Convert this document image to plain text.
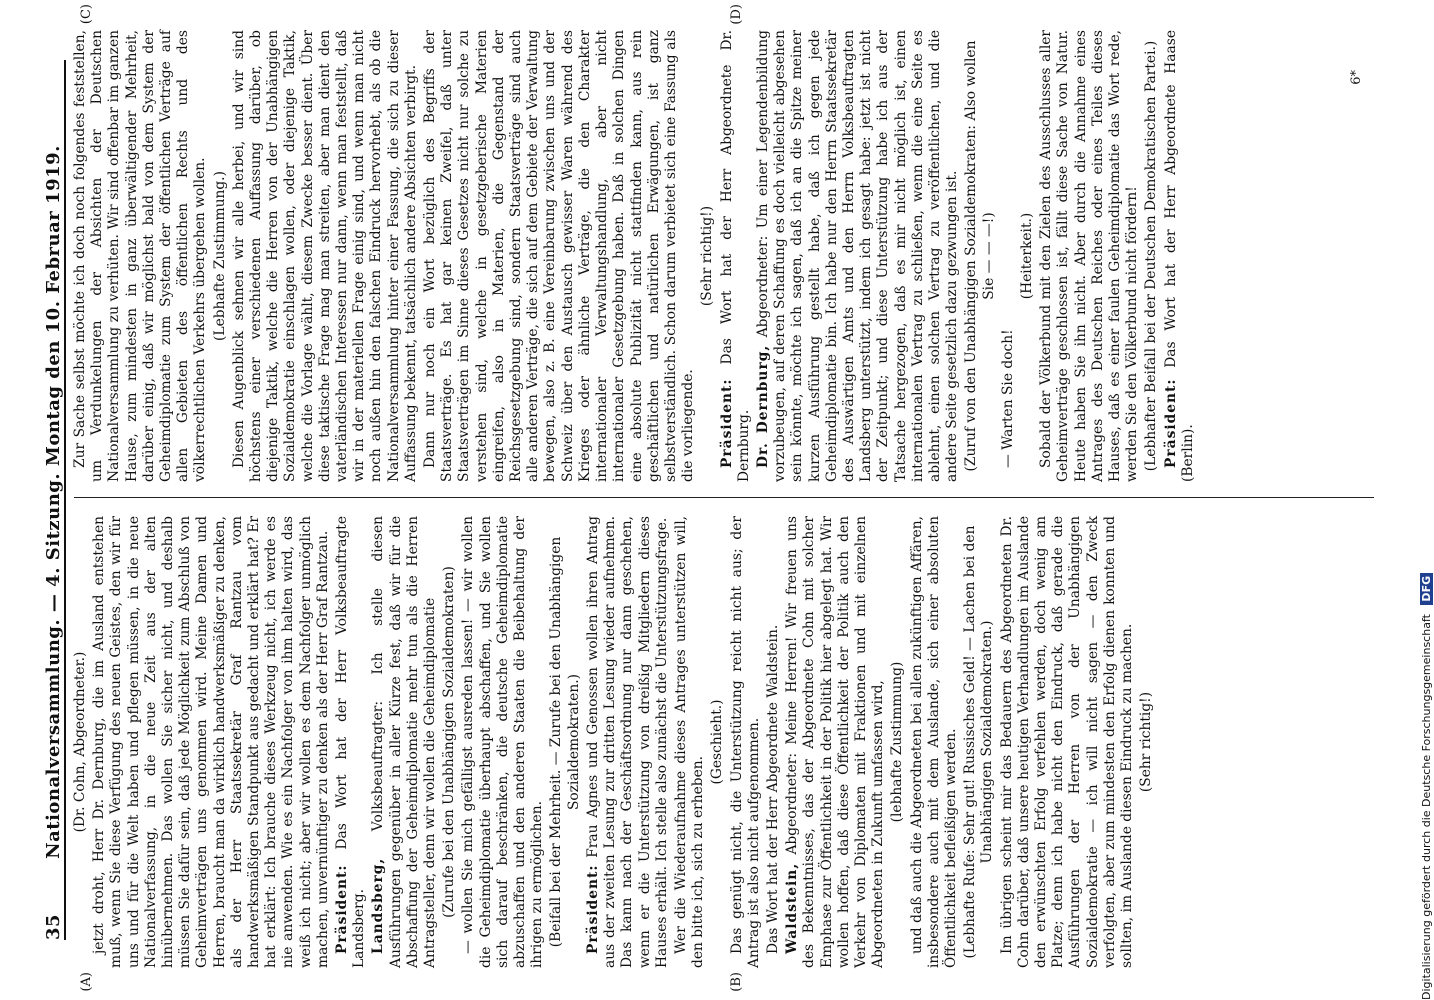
35
Nationalversammlung. — 4. Sitzung. Montag den 10. Februar 1919. Zur Sache selbst möchte ich doch noch folgendes feststellen, um Verdunkelungen der Absichten der Deutschen Nationalversammlung zu verhüten. Wir sind offenbar im ganzen Hause, zum mindesten in ganz überwältigender Mehrheit, darüber einig, daß wir möglichst bald von dem System der Geheimdiplomatie zum System der öffentlichen Verträge auf allen Gebieten des öffentlichen Rechts und des völkerrechtlichen Verkehrs übergehen wollen. (Lebhafte Zustimmung.) Diesen Augenblick sehnen wir alle herbei, und wir sind höchstens einer verschiedenen Auffassung darüber, ob diejenige Taktik, welche die Herren von der Unabhängigen Sozialdemokratie einschlagen wollen, oder diejenige Taktik, welche die Vorlage wählt, diesem Zwecke besser dient. Über diese taktische Frage mag man streiten, aber man dient den vaterländischen Interessen nur dann, wenn man feststellt, daß wir in der materiellen Frage einig sind, und wenn man nicht noch außen hin den falschen Eindruck hervorhebt, als ob die Nationalversammlung hinter einer Fassung, die sich zu dieser Auffassung bekennt, tatsächlich andere Absichten verbirgt. Dann nur noch ein Wort bezüglich des Begriffs der Staatsverträge. Es hat gar keinen Zweifel, daß unter Staatsverträgen im Sinne dieses Gesetzes nicht nur solche zu verstehen sind, welche in gesetzgeberische Materien eingreifen, also in Materien, die Gegenstand der Reichsgesetzgebung sind, sondern Staatsverträge sind auch alle anderen Verträge, die sich auf dem Gebiete der Verwaltung bewegen, also z. B. eine Vereinbarung zwischen uns und der Schweiz über den Austausch gewisser Waren während des Krieges oder ähnliche Verträge, die den Charakter internationaler Verwaltungshandlung, aber nicht internationaler Gesetzgebung haben. Daß in solchen Dingen eine absolute Publizität nicht stattfinden kann, aus rein geschäftlichen und natürlichen Erwägungen, ist ganz selbstverständlich. Schon darum verbietet sich eine Fassung als die vorliegende.

(Sehr richtig!)

Präsident: Das Wort hat der Herr Abgeordnete Dr. Dernburg. Dr. Dernburg, Abgeordneter: Um einer Legendenbildung vorzubeugen, auf deren Schaffung es doch vielleicht abgesehen sein könnte, möchte ich sagen, daß ich an die Spitze meiner kurzen Ausführung gestellt habe, daß ich gegen jede Geheimdiplomatie bin. Ich habe nur den Herrn Staatssekretär des Auswärtigen Amts und den Herrn Volksbeauftragten Landsberg unterstützt, indem ich gesagt habe: jetzt ist nicht der Zeitpunkt; und diese Unterstützung habe ich aus der Tatsache hergezogen, daß es mir nicht möglich ist, einen internationalen Vertrag zu schließen, wenn die eine Seite es ablehnt, einen solchen Vertrag zu veröffentlichen, und die andere Seite gesetzlich dazu gezwungen ist. (Zuruf von den Unabhängigen Sozialdemokraten: Also wollen Sie — — —!)

— Warten Sie doch!

(Heiterkeit.) Sobald der Völkerbund mit den Zielen des Ausschlusses aller Geheimverträge geschlossen ist, fällt diese Sache von Natur. Heute haben Sie ihn nicht. Aber durch die Annahme eines Antrages des Deutschen Reiches oder eines Teiles dieses Hauses, daß es einer faulen Geheimdiplomatie das Wort rede, werden Sie den Völkerbund nicht fördern! (Lebhafter Beifall bei der Deutschen Demokratischen Partei.) Präsident: Das Wort hat der Herr Abgeordnete Haase (Berlin).

(Dr. Cohn, Abgeordneter.) jetzt droht, Herr Dr. Dernburg, die im Ausland entstehen muß, wenn Sie diese Verfügung des neuen Geistes, den wir für uns und für die Welt haben und pflegen müssen, in die neue Nationalverfassung, in die neue Zeit aus der alten hinübernehmen. Das wollen Sie sicher nicht, und deshalb müssen Sie dafür sein, daß jede Möglichkeit zum Abschluß von Geheimverträgen uns genommen wird. Meine Damen und Herren, braucht man da wirklich handwerksmäßiger zu denken, als der Herr Staatssekretär Graf Rantzau vom handwerksmäßigen Standpunkt aus gedacht und erklärt hat? Er hat erklärt: Ich brauche dieses Werkzeug nicht, ich werde es nie anwenden. Wie es ein Nachfolger von ihm halten wird, das weiß ich nicht; aber wir wollen es dem Nachfolger unmöglich machen, unvernünftiger zu denken als der Herr Graf Rantzau. Präsident: Das Wort hat der Herr Volksbeauftragte Landsberg. Landsberg, Volksbeauftragter: Ich stelle diesen Ausführungen gegenüber in aller Kürze fest, daß wir für die Abschaffung der Geheimdiplomatie mehr tun als die Herren Antragsteller, denn wir wollen die Geheimdiplomatie (Zurufe bei den Unabhängigen Sozialdemokraten) — wollen Sie mich gefälligst ausreden lassen! — wir wollen die Geheimdiplomatie überhaupt abschaffen, und Sie wollen sich darauf beschränken, die deutsche Geheimdiplomatie abzuschaffen und den anderen Staaten die Beibehaltung der ihrigen zu ermöglichen. (Beifall bei der Mehrheit. — Zurufe bei den Unabhängigen Sozialdemokraten.)

Präsident: Frau Agnes und Genossen wollen ihren Antrag aus der zweiten Lesung zur dritten Lesung wieder aufnehmen. Das kann nach der Geschäftsordnung nur dann geschehen, wenn er die Unterstützung von dreißig Mitgliedern dieses Hauses erhält. Ich stelle also zunächst die Unterstützungsfrage. Wer die Wiederaufnahme dieses Antrages unterstützen will, den bitte ich, sich zu erheben.

(Geschieht.) Das genügt nicht, die Unterstützung reicht nicht aus; der Antrag ist also nicht aufgenommen. Das Wort hat der Herr Abgeordnete Waldstein. Waldstein, Abgeordneter: Meine Herren! Wir freuen uns des Bekenntnisses, das der Abgeordnete Cohn mit solcher Emphase zur Öffentlichkeit in der Politik hier abgelegt hat. Wir wollen hoffen, daß diese Öffentlichkeit der Politik auch den Verkehr von Diplomaten mit Fraktionen und mit einzelnen Abgeordneten in Zukunft umfassen wird, (lebhafte Zustimmung) und daß auch die Abgeordneten bei allen zukünftigen Affären, insbesondere auch mit dem Auslande, sich einer absoluten Öffentlichkeit befleißigen werden. (Lebhafte Rufe: Sehr gut! Russisches Geld! — Lachen bei den Unabhängigen Sozialdemokraten.) Im übrigen scheint mir das Bedauern des Abgeordneten Dr. Cohn darüber, daß unsere heutigen Verhandlungen im Auslande den erwünschten Erfolg verfehlen werden, doch wenig am Platze; denn ich habe nicht den Eindruck, daß gerade die Ausführungen der Herren von der Unabhängigen Sozialdemokratie — ich will nicht sagen — den Zweck verfolgten, aber zum mindesten den Erfolg dienen konnten und sollten, im Auslande diesen Eindruck zu machen. (Sehr richtig!)

(A)	(B)
(C)	(D)
6*
Digitalisierung gefördert durch die Deutsche Forschungsgemeinschaft DFG
